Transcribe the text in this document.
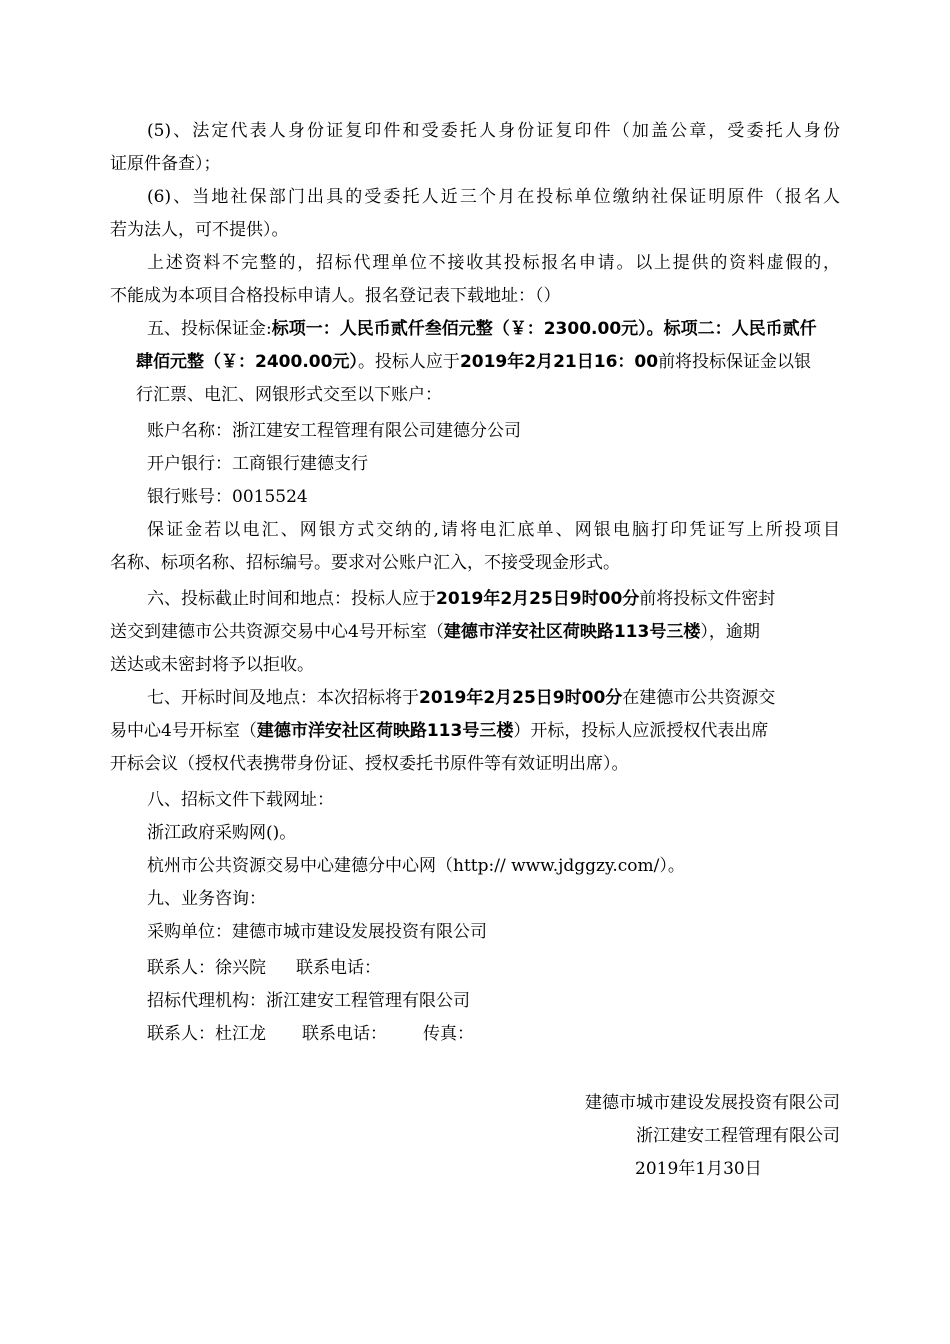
(5)、法定代表人身份证复印件和受委托人身份证复印件（加盖公章，受委托人身份
证原件备查）；
(6)、当地社保部门出具的受委托人近三个月在投标单位缴纳社保证明原件（报名人
若为法人，可不提供）。
上述资料不完整的，招标代理单位不接收其投标报名申请。以上提供的资料虚假的，
不能成为本项目合格投标申请人。报名登记表下载地址：（）
五、投标保证金:标项一：人民币贰仟叁佰元整（￥：2300.00元）。标项二：人民币贰仟
肆佰元整（￥：2400.00元）。投标人应于2019年2月21日16：00前将投标保证金以银
行汇票、电汇、网银形式交至以下账户：
账户名称：浙江建安工程管理有限公司建德分公司
开户银行：工商银行建德支行
银行账号：0015524
保证金若以电汇、网银方式交纳的,请将电汇底单、网银电脑打印凭证写上所投项目
名称、标项名称、招标编号。要求对公账户汇入，不接受现金形式。
六、投标截止时间和地点：投标人应于2019年2月25日9时00分前将投标文件密封
送交到建德市公共资源交易中心4号开标室（建德市洋安社区荷映路113号三楼），逾期
送达或未密封将予以拒收。
七、开标时间及地点：本次招标将于2019年2月25日9时00分在建德市公共资源交
易中心4号开标室（建德市洋安社区荷映路113号三楼）开标，投标人应派授权代表出席
开标会议（授权代表携带身份证、授权委托书原件等有效证明出席）。
八、招标文件下载网址：
浙江政府采购网()。
杭州市公共资源交易中心建德分中心网（http:// www.jdggzy.com/）。
九、业务咨询：
采购单位：建德市城市建设发展投资有限公司
联系人：徐兴院 联系电话：
招标代理机构：浙江建安工程管理有限公司
联系人：杜江龙 联系电话： 传真：
建德市城市建设发展投资有限公司
浙江建安工程管理有限公司
2019年1月30日
